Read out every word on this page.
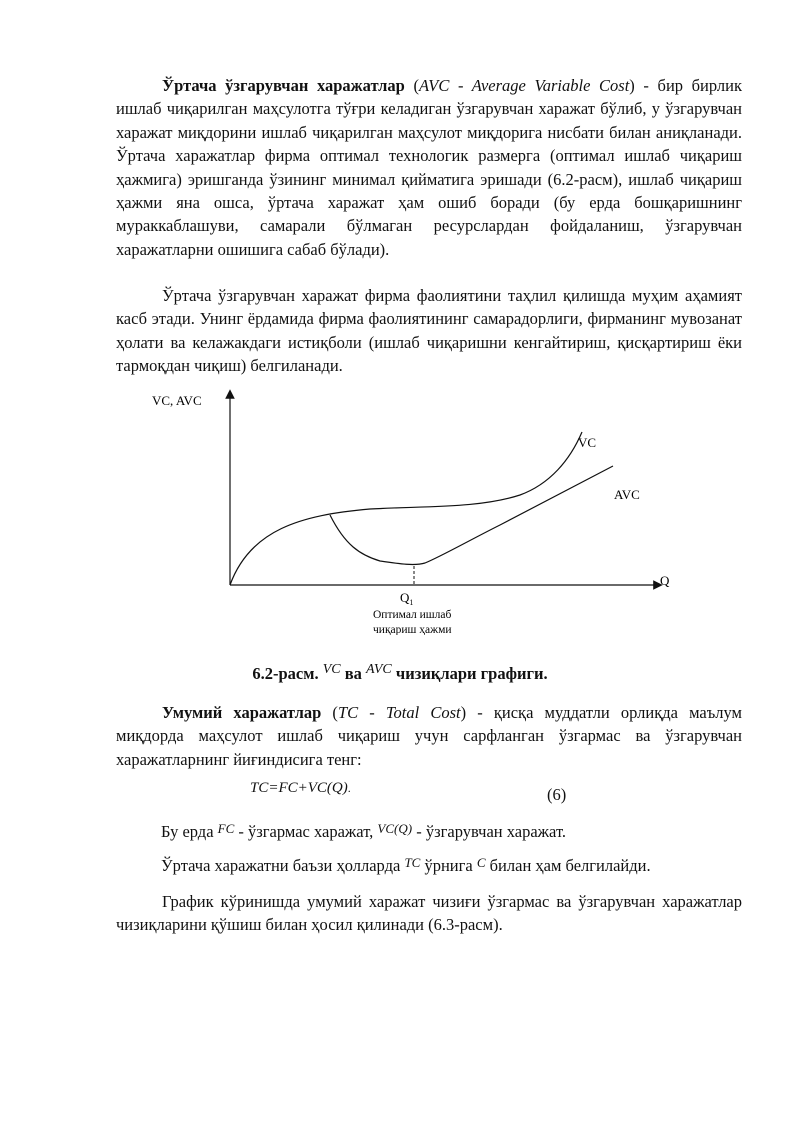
Ўртача ўзгарувчан харажатлар (AVC - Average Variable Cost) - бир бирлик ишлаб чиқарилган маҳсулотга тўғри келадиган ўзгарувчан харажат бўлиб, у ўзгарувчан харажат миқдорини ишлаб чиқарилган маҳсулот миқдорига нисбати билан аниқланади. Ўртача харажатлар фирма оптимал технологик размерга (оптимал ишлаб чиқариш ҳажмига) эришганда ўзининг минимал қийматига эришади (6.2-расм), ишлаб чиқариш ҳажми яна ошса, ўртача харажат ҳам ошиб боради (бу ерда бошқаришнинг мураккаблашуви, самарали бўлмаган ресурслардан фойдаланиш, ўзгарувчан харажатларни ошишига сабаб бўлади).

Ўртача ўзгарувчан харажат фирма фаолиятини таҳлил қилишда муҳим аҳамият касб этади. Унинг ёрдамида фирма фаолиятининг самарадорлиги, фирманинг мувозанат ҳолати ва келажакдаги истиқболи (ишлаб чиқаришни кенгайтириш, қисқартириш ёки тармоқдан чиқиш) белгиланади.

VC, AVC
Q
VC
AVC
$Q_1$
Оптимал ишлаб
чиқариш ҳажми
6.2-расм. $^{VC}$ ва $^{AVC}$ чизиқлари графиги.

Умумий харажатлар (TC - Total Cost) - қисқа муддатли орлиқда маълум миқдорда маҳсулот ишлаб чиқариш учун сарфланган ўзгармас ва ўзгарувчан харажатларнинг йиғиндисига тенг:

TC=FC+VC(Q).	(6)
Бу ерда $^{FC}$ - ўзгармас харажат, $^{VC(Q)}$ - ўзгарувчан харажат.
Ўртача харажатни баъзи ҳолларда $^{TC}$ ўрнига $^C$ билан ҳам белгилайди.

График кўринишда умумий харажат чизиғи ўзгармас ва ўзгарувчан харажатлар чизиқларини қўшиш билан ҳосил қилинади (6.3-расм).
